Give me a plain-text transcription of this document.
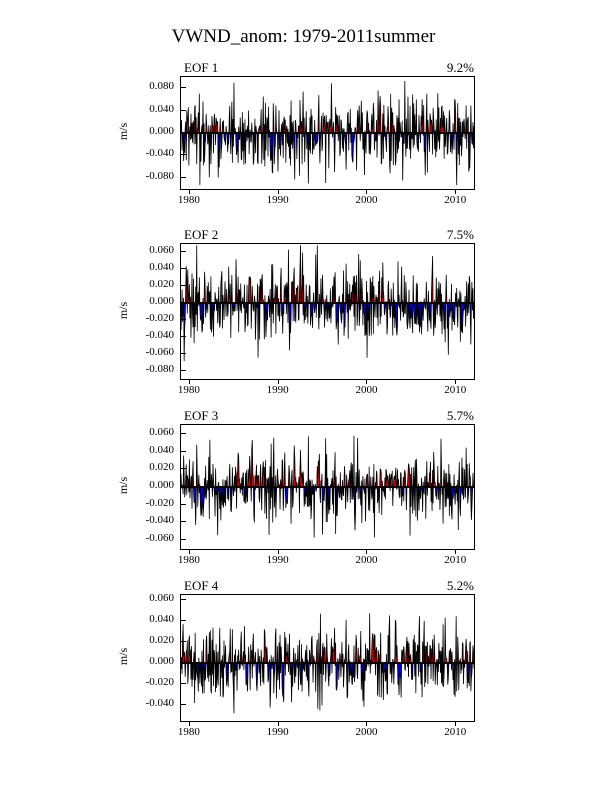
VWND_anom: 1979-2011summer
EOF 1	9.2%
m/s
-0.080
-0.040
0.000
0.040
0.080
1980	1990	2000	2010
EOF 2	7.5%
m/s
-0.080
-0.060
-0.040
-0.020
0.000
0.020
0.040
0.060
1980	1990	2000	2010
EOF 3	5.7%
m/s
-0.060
-0.040
-0.020
0.000
0.020
0.040
0.060
1980	1990	2000	2010
EOF 4	5.2%
m/s
-0.040
-0.020
0.000
0.020
0.040
0.060
1980	1990	2000	2010
